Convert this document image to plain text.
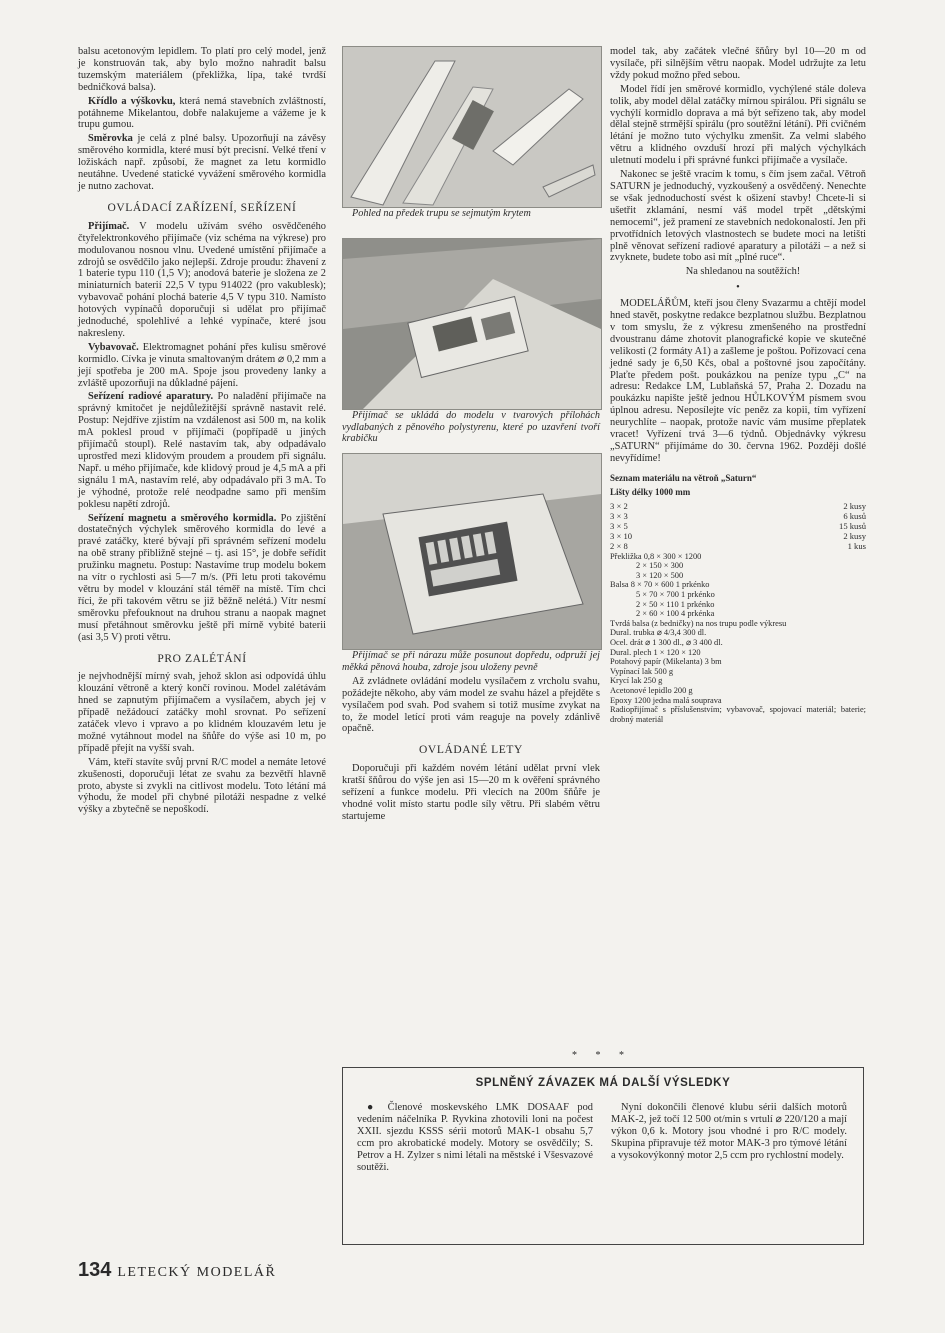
balsu acetonovým lepidlem. To platí pro celý model, jenž je konstruován tak, aby bylo možno nahradit balsu tuzemským materiálem (překližka, lípa, také tvrdší bedničková balsa).

Křídlo a výškovku, která nemá stavebních zvláštností, potáhneme Mikelantou, dobře nalakujeme a vážeme je k trupu gumou.

Směrovka je celá z plné balsy. Upozorňují na závěsy směrového kormidla, které musí být precisní. Velké tření v ložiskách např. způsobí, že magnet za letu kormidlo neutáhne. Uvedené statické vyvážení směrového kormidla je nutno zachovat.

OVLÁDACÍ ZAŘÍZENÍ, SEŘÍZENÍ

Přijímač. V modelu užívám svého osvědčeného čtyřelektronkového přijímače (viz schéma na výkrese) pro modulovanou nosnou vlnu. Uvedené umístění přijímače a zdrojů se osvědčilo jako nejlepší. Zdroje proudu: žhavení z 1 baterie typu 110 (1,5 V); anodová baterie je složena ze 2 miniaturních baterií 22,5 V typu 914022 (pro vakublesk); vybavovač pohání plochá baterie 4,5 V typu 310. Namísto hotových vypínačů doporučuji si udělat pro přijímač jednoduché, spolehlivé a lehké vypínače, které jsou nakresleny.

Vybavovač. Elektromagnet pohání přes kulisu směrové kormidlo. Cívka je vinuta smaltovaným drátem ⌀ 0,2 mm a její spotřeba je 200 mA. Spoje jsou provedeny lanky a zvláště upozorňuji na důkladné pájení.

Seřízení radiové aparatury. Po naladění přijímače na správný kmitočet je nejdůležitější správně nastavit relé. Postup: Nejdříve zjistím na vzdálenost asi 500 m, na kolik mA poklesl proud v přijímači (popřípadě u jiných přijímačů stoupl). Relé nastavím tak, aby odpadávalo uprostřed mezi klidovým proudem a proudem při signálu. Např. u mého přijímače, kde klidový proud je 4,5 mA a při signálu 1 mA, nastavím relé, aby odpadávalo při 3 mA. To je výhodné, protože relé neodpadne samo při menším poklesu napětí zdrojů.

Seřízení magnetu a směrového kormidla. Po zjištění dostatečných výchylek směrového kormidla do levé a pravé zatáčky, které bývají při správném seřízení modelu na obě strany přibližně stejné – tj. asi 15°, je dobře seřídit pružinku magnetu. Postup: Nastavíme trup modelu bokem na vítr o rychlosti asi 5—7 m/s. (Při letu proti takovému větru by model v klouzání stál téměř na místě. Tím chci říci, že při takovém větru se již běžně nelétá.) Vítr nesmí směrovku přefouknout na druhou stranu a naopak magnet musí přetáhnout směrovku ještě při mírně vybité baterii (asi 3,5 V) proti větru.

PRO ZALÉTÁNÍ

je nejvhodnější mírný svah, jehož sklon asi odpovídá úhlu klouzání větroně a který končí rovinou. Model zalétávám hned se zapnutým přijímačem a vysílačem, abych jej v případě nežádoucí zatáčky mohl srovnat. Po seřízení zatáček vlevo i vpravo a po klidném klouzavém letu je možné vytáhnout model na šňůře do výše asi 10 m, po případě přejít na vyšší svah.

Vám, kteří stavíte svůj první R/C model a nemáte letové zkušenosti, doporučuji létat ze svahu za bezvětří hlavně proto, abyste si zvykli na citlivost modelu. Toto létání má výhodu, že model při chybné pilotáži nespadne z velké výšky a zbytečně se nepoškodí.

Pohled na předek trupu se sejmutým krytem

Přijímač se ukládá do modelu v tvarových přílohách vydlabaných z pěnového polystyrenu, které po uzavření tvoří krabičku

Přijímač se při nárazu může posunout dopředu, odpruží jej měkká pěnová houba, zdroje jsou uloženy pevně

Až zvládnete ovládání modelu vysílačem z vrcholu svahu, požádejte někoho, aby vám model ze svahu házel a přejděte s vysílačem pod svah. Pod svahem si totiž musíme zvykat na to, že model letící proti vám reaguje na povely zdánlivě opačně.

OVLÁDANÉ LETY

Doporučuji při každém novém létání udělat první vlek kratší šňůrou do výše jen asi 15—20 m k ověření správného seřízení a funkce modelu. Při vlecích na 200m šňůře je vhodné volit místo startu podle síly větru. Při slabém větru startujeme

model tak, aby začátek vlečné šňůry byl 10—20 m od vysílače, při silnějším větru naopak. Model udržujte za letu vždy pokud možno před sebou.

Model řídí jen směrové kormidlo, vychýlené stále doleva tolik, aby model dělal zatáčky mírnou spirálou. Při signálu se vychýlí kormidlo doprava a má být seřízeno tak, aby model dělal stejně strmější spirálu (pro soutěžní létání). Při cvičném létání je možno tuto výchylku zmenšit. Za velmi slabého větru a klidného ovzduší hrozí při malých výchylkách uletnutí modelu i při správné funkci přijímače a vysílače.

Nakonec se ještě vracím k tomu, s čím jsem začal. Větroň SATURN je jednoduchý, vyzkoušený a osvědčený. Nenechte se však jednoduchostí svést k ošizení stavby! Chcete-li si ušetřit zklamání, nesmí váš model trpět „dětskými nemocemi“, jež pramení ze stavebních nedokonalostí. Jen při prvotřídních letových vlastnostech se budete moci na letišti plně věnovat seřízení radiové aparatury a pilotáži – a než si zvyknete, budete tobo asi mít „plné ruce“.

Na shledanou na soutěžích!

•

MODELÁŘŮM, kteří jsou členy Svazarmu a chtějí model hned stavět, poskytne redakce bezplatnou službu. Bezplatnou v tom smyslu, že z výkresu zmenšeného na prostřední dvoustranu dáme zhotovit planografické kopie ve skutečné velikosti (2 formáty A1) a zašleme je poštou. Pořizovací cena jedné sady je 6,50 Kčs, obal a poštovné jsou započítány. Plaťte předem pošt. poukázkou na peníze typu „C“ na adresu: Redakce LM, Lublaňská 57, Praha 2. Dozadu na poukázku napište ještě jednou HŮLKOVÝM písmem svou úplnou adresu. Neposílejte víc peněz za kopii, tím vyřízení neurychlíte – naopak, protože navíc vám musíme přeplatek vracet! Vyřízení trvá 3—6 týdnů. Objednávky výkresu „SATURN“ přijímáme do 30. června 1962. Později došlé nevyřídíme!

Seznam materiálu na větroň „Saturn“
Lišty délky 1000 mm
3 × 2	2 kusy
3 × 3	6 kusů
3 × 5	15 kusů
3 × 10	2 kusy
2 × 8	1 kus
Překližka 0,8 × 300 × 1200
2 × 150 × 300
3 × 120 × 500
Balsa 8 × 70 × 600 1 prkénko
5 × 70 × 700 1 prkénko
2 × 50 × 110 1 prkénko
2 × 60 × 100 4 prkénka
Tvrdá balsa (z bedničky) na nos trupu podle výkresu
Dural. trubka ⌀ 4/3,4 300 dl.
Ocel. drát ⌀ 1 300 dl., ⌀ 3 400 dl.
Dural. plech 1 × 120 × 120
Potahový papír (Mikelanta) 3 bm
Vypínací lak 500 g
Krycí lak 250 g
Acetonové lepidlo 200 g
Epoxy 1200 jedna malá souprava
Radiopřijímač s příslušenstvím; vybavovač, spojovací materiál; baterie; drobný materiál
* * *
SPLNĚNÝ ZÁVAZEK MÁ DALŠÍ VÝSLEDKY

● Členové moskevského LMK DOSAAF pod vedením náčelníka P. Ryvkina zhotovili loni na počest XXII. sjezdu KSSS sérii motorů MAK-1 obsahu 5,7 ccm pro akrobatické modely. Motory se osvědčily; S. Petrov a H. Zylzer s nimi létali na městské i Všesvazové soutěži.

Nyní dokončili členové klubu sérii dalších motorů MAK-2, jež točí 12 500 ot/min s vrtulí ⌀ 220/120 a mají výkon 0,6 k. Motory jsou vhodné i pro R/C modely. Skupina připravuje též motor MAK-3 pro týmové létání a vysokovýkonný motor 2,5 ccm pro rychlostní modely.

134 LETECKÝ MODELÁŘ
